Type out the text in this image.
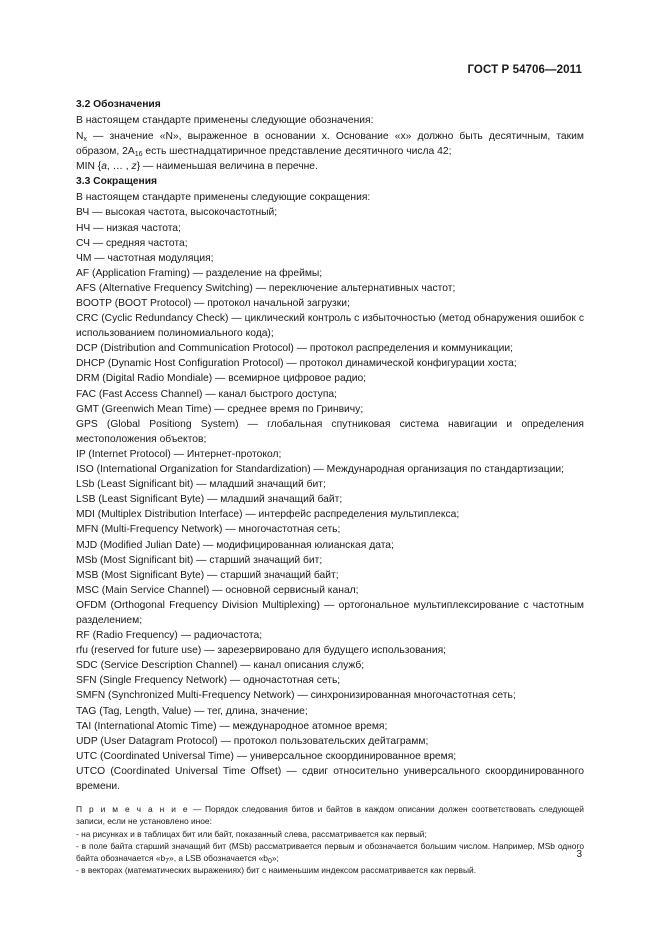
ГОСТ Р 54706—2011

3.2 Обозначения

В настоящем стандарте применены следующие обозначения:

$N_x$ — значение «N», выраженное в основании x. Основание «x» должно быть десятичным, таким образом, $2A_{16}$ есть шестнадцатиричное представление десятичного числа 42;

MIN {a, … , z} — наименьшая величина в перечне.

3.3 Сокращения

В настоящем стандарте применены следующие сокращения:

ВЧ — высокая частота, высокочастотный;

НЧ — низкая частота;

СЧ — средняя частота;

ЧМ — частотная модуляция;

AF (Application Framing) — разделение на фреймы;

AFS (Alternative Frequency Switching) — переключение альтернативных частот;

BOOTP (BOOT Protocol) — протокол начальной загрузки;

CRC (Cyclic Redundancy Check) — циклический контроль с избыточностью (метод обнаружения ошибок с использованием полиномиального кода);

DCP (Distribution and Communication Protocol) — протокол распределения и коммуникации;

DHCP (Dynamic Host Configuration Protocol) — протокол динамической конфигурации хоста;

DRM (Digital Radio Mondiale) — всемирное цифровое радио;

FAC (Fast Access Channel) — канал быстрого доступа;

GMT (Greenwich Mean Time) — среднее время по Гринвичу;

GPS (Global Positiong System) — глобальная спутниковая система навигации и определения местоположения объектов;

IP (Internet Protocol) — Интернет-протокол;

ISO (International Organization for Standardization) — Международная организация по стандартизации;

LSb (Least Significant bit) — младший значащий бит;

LSB (Least Significant Byte) — младший значащий байт;

MDI (Multiplex Distribution Interface) — интерфейс распределения мультиплекса;

MFN (Multi-Frequency Network) — многочастотная сеть;

MJD (Modified Julian Date) — модифицированная юлианская дата;

MSb (Most Significant bit) — старший значащий бит;

MSB (Most Significant Byte) — старший значащий байт;

MSC (Main Service Channel) — основной сервисный канал;

OFDM (Orthogonal Frequency Division Multiplexing) — ортогональное мультиплексирование с частотным разделением;

RF (Radio Frequency) — радиочастота;

rfu (reserved for future use) — зарезервировано для будущего использования;

SDC (Service Description Channel) — канал описания служб;

SFN (Single Frequency Network) — одночастотная сеть;

SMFN (Synchronized Multi-Frequency Network) — синхронизированная многочастотная сеть;

TAG (Tag, Length, Value) — тег, длина, значение;

TAI (International Atomic Time) — международное атомное время;

UDP (User Datagram Protocol) — протокол пользовательских дейтаграмм;

UTC (Coordinated Universal Time) — универсальное скоординированное время;

UTCO (Coordinated Universal Time Offset) — сдвиг относительно универсального скоординированного времени.

П р и м е ч а н и е — Порядок следования битов и байтов в каждом описании должен соответствовать следующей записи, если не установлено иное:

- на рисунках и в таблицах бит или байт, показанный слева, рассматривается как первый;

- в поле байта старший значащий бит (MSb) рассматривается первым и обозначается большим числом. Например, MSb одного байта обозначается «$b_7$», а LSB обозначается «$b_0$»;

- в векторах (математических выражениях) бит с наименьшим индексом рассматривается как первый.

3
